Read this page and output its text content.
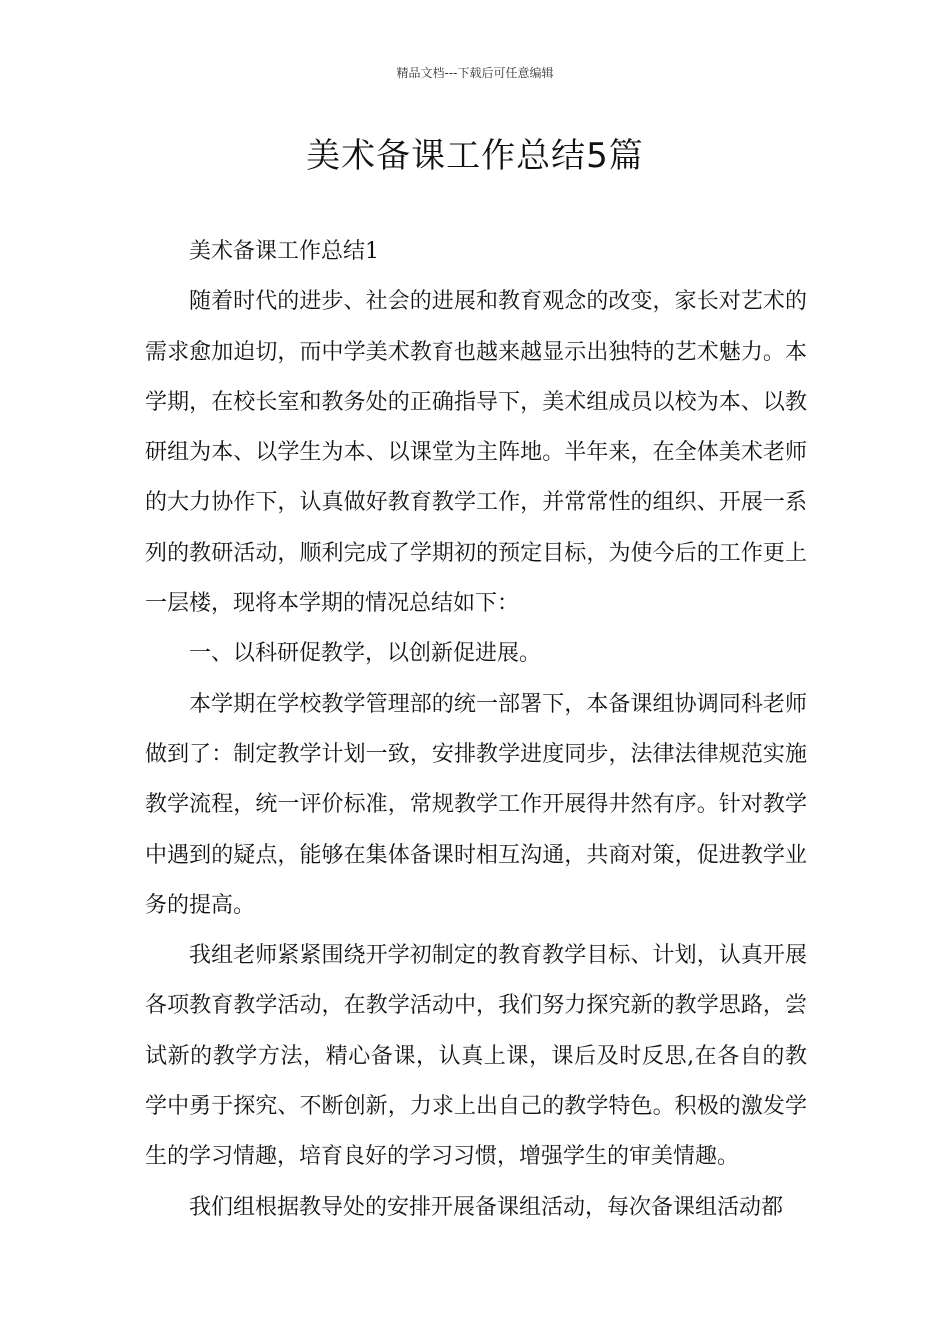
精品文档---下载后可任意编辑
美术备课工作总结5篇

美术备课工作总结1

随着时代的进步、社会的进展和教育观念的改变，家长对艺术的需求愈加迫切，而中学美术教育也越来越显示出独特的艺术魅力。本学期，在校长室和教务处的正确指导下，美术组成员以校为本、以教研组为本、以学生为本、以课堂为主阵地。半年来，在全体美术老师的大力协作下，认真做好教育教学工作，并常常性的组织、开展一系列的教研活动，顺利完成了学期初的预定目标，为使今后的工作更上一层楼，现将本学期的情况总结如下：

一、以科研促教学，以创新促进展。

本学期在学校教学管理部的统一部署下，本备课组协调同科老师做到了：制定教学计划一致，安排教学进度同步，法律法律规范实施教学流程，统一评价标准，常规教学工作开展得井然有序。针对教学中遇到的疑点，能够在集体备课时相互沟通，共商对策，促进教学业务的提高。

我组老师紧紧围绕开学初制定的教育教学目标、计划，认真开展各项教育教学活动，在教学活动中，我们努力探究新的教学思路，尝试新的教学方法，精心备课，认真上课，课后及时反思,在各自的教学中勇于探究、不断创新，力求上出自己的教学特色。积极的激发学生的学习情趣，培育良好的学习习惯，增强学生的审美情趣。

我们组根据教导处的安排开展备课组活动，每次备课组活动都
